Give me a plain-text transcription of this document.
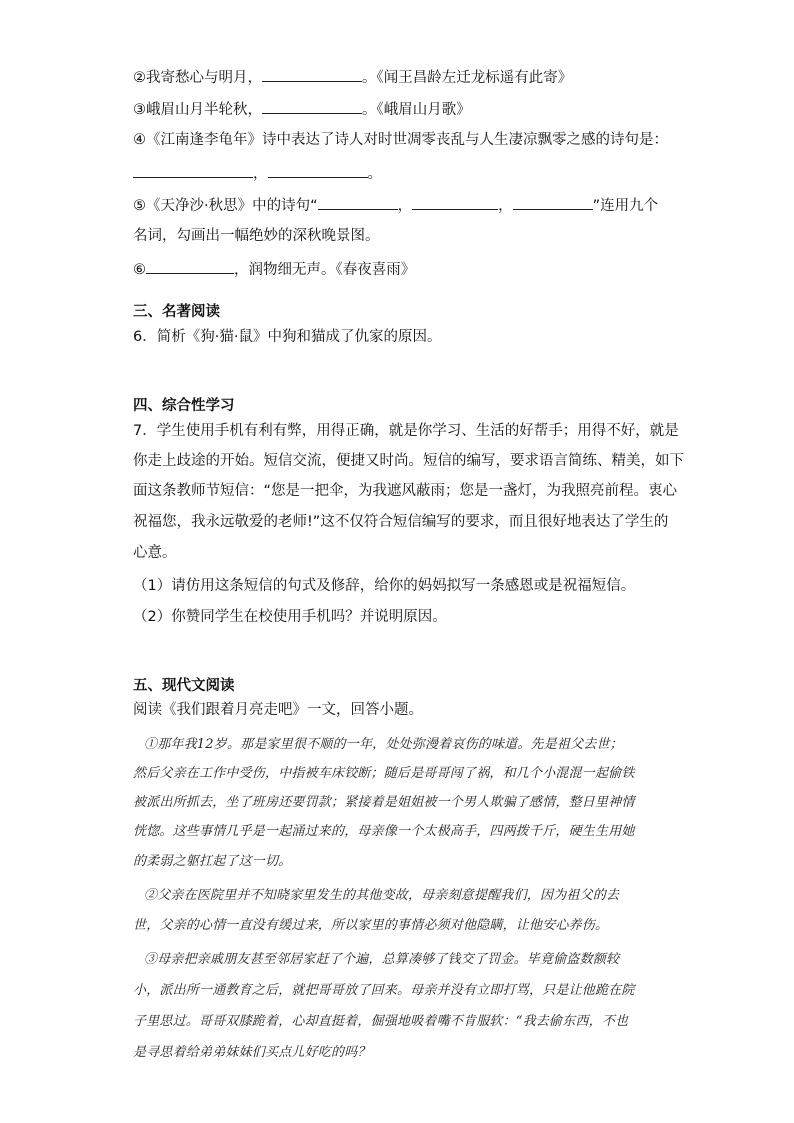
②我寄愁心与明月，	。《闻王昌龄左迁龙标遥有此寄》
③峨眉山月半轮秋，	。《峨眉山月歌》
④《江南逢李龟年》诗中表达了诗人对时世凋零丧乱与人生凄凉飘零之感的诗句是：
，	。
⑤《天净沙·秋思》中的诗句“	，	，	”连用九个
名词，勾画出一幅绝妙的深秋晚景图。
⑥	，润物细无声。《春夜喜雨》
三、名著阅读
6．简析《狗·猫·鼠》中狗和猫成了仇家的原因。
四、综合性学习
7．学生使用手机有利有弊，用得正确，就是你学习、生活的好帮手；用得不好，就是
你走上歧途的开始。短信交流，便捷又时尚。短信的编写，要求语言简练、精美，如下
面这条教师节短信：“您是一把伞，为我遮风蔽雨；您是一盏灯，为我照亮前程。衷心
祝福您，我永远敬爱的老师!”这不仅符合短信编写的要求，而且很好地表达了学生的
心意。
（1）请仿用这条短信的句式及修辞，给你的妈妈拟写一条感恩或是祝福短信。
（2）你赞同学生在校使用手机吗？并说明原因。
五、现代文阅读
阅读《我们跟着月亮走吧》一文，回答小题。
①那年我12岁。那是家里很不顺的一年，处处弥漫着哀伤的味道。先是祖父去世；
然后父亲在工作中受伤，中指被车床铰断；随后是哥哥闯了祸，和几个小混混一起偷铁
被派出所抓去，坐了班房还要罚款；紧接着是姐姐被一个男人欺骗了感情，整日里神情
恍惚。这些事情几乎是一起涌过来的，母亲像一个太极高手，四两拨千斤，硬生生用她
的柔弱之躯扛起了这一切。
②父亲在医院里并不知晓家里发生的其他变故，母亲刻意提醒我们，因为祖父的去
世，父亲的心情一直没有缓过来，所以家里的事情必须对他隐瞒，让他安心养伤。
③母亲把亲戚朋友甚至邻居家赶了个遍，总算凑够了钱交了罚金。毕竟偷盗数额较
小，派出所一通教育之后，就把哥哥放了回来。母亲并没有立即打骂，只是让他跪在院
子里思过。哥哥双膝跪着，心却直挺着，倔强地吸着嘴不肯服软：“我去偷东西，不也
是寻思着给弟弟妹妹们买点儿好吃的吗？
